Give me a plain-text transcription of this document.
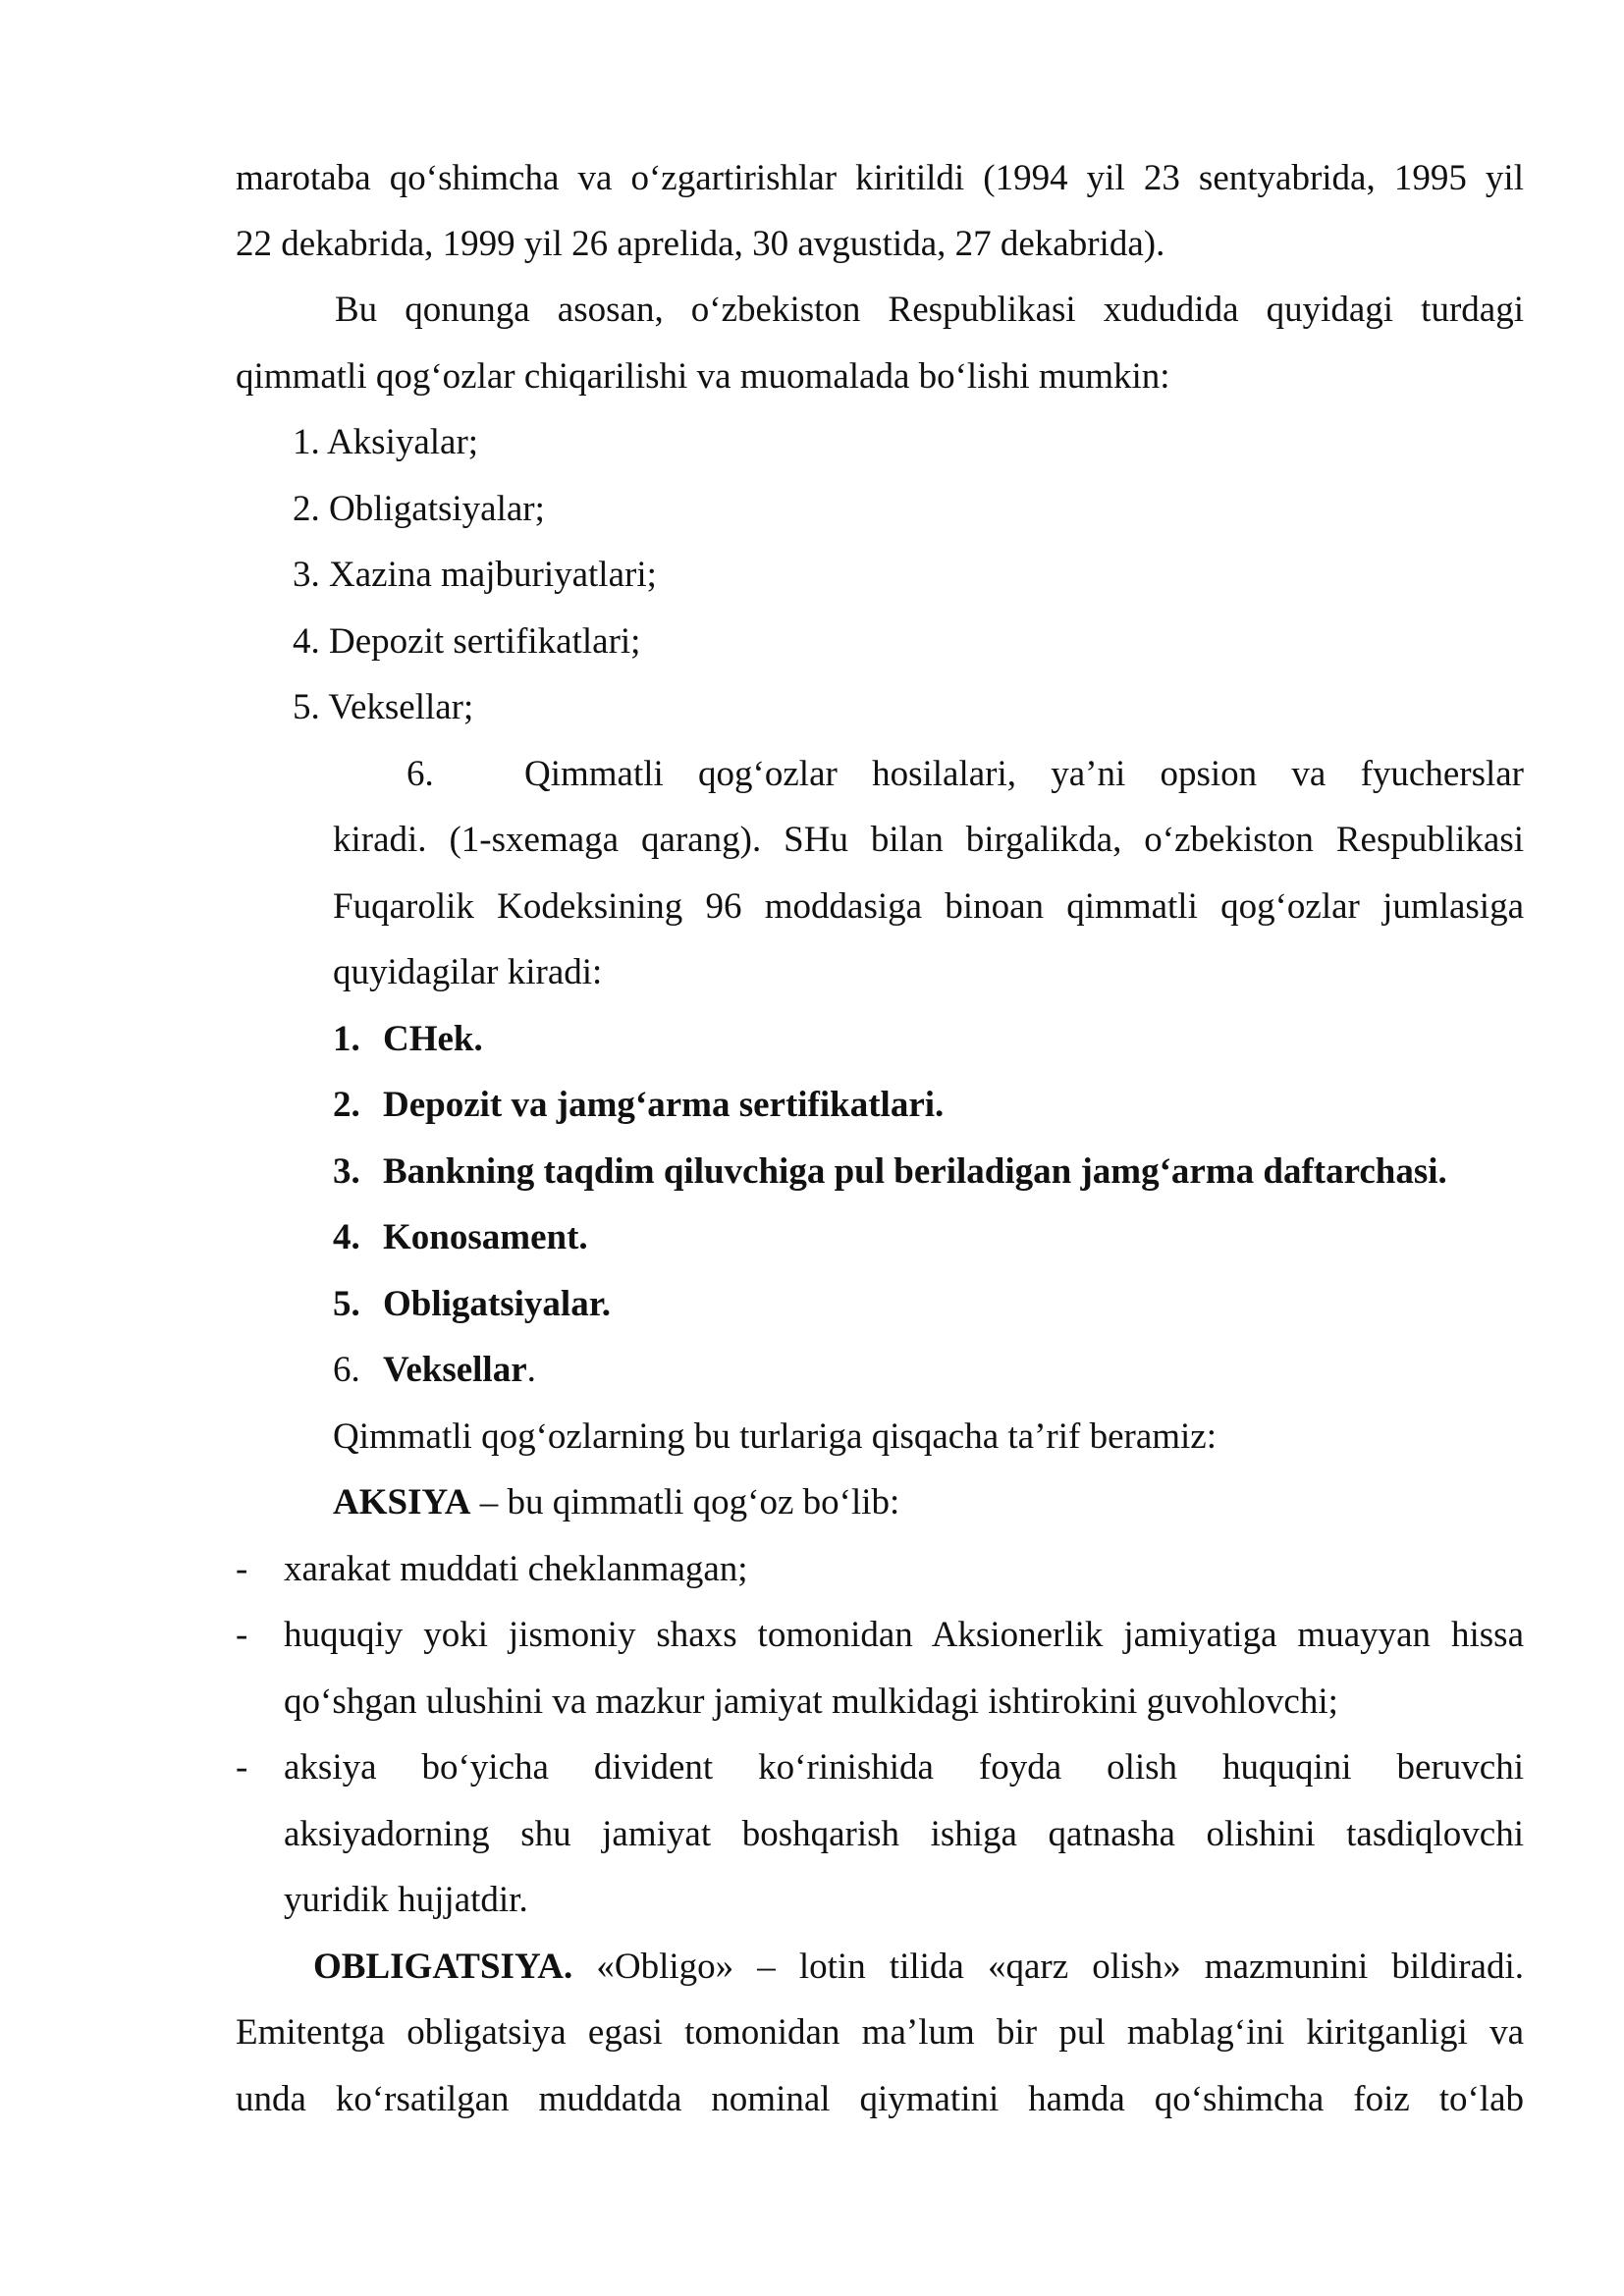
marotaba qo‘shimcha va o‘zgartirishlar kiritildi (1994 yil 23 sentyabrida, 1995 yil
22 dekabrida, 1999 yil 26 aprelida, 30 avgustida, 27 dekabrida).
Bu qonunga asosan, o‘zbekiston Respublikasi xududida quyidagi turdagi
qimmatli qog‘ozlar chiqarilishi va muomalada bo‘lishi mumkin:
1. Aksiyalar;
2. Obligatsiyalar;
3. Xazina majburiyatlari;
4. Depozit sertifikatlari;
5. Veksellar;
6.	Qimmatli qog‘ozlar hosilalari, ya’ni opsion va fyucherslar
kiradi. (1-sxemaga qarang). SHu bilan birgalikda, o‘zbekiston Respublikasi
Fuqarolik Kodeksining 96 moddasiga binoan qimmatli qog‘ozlar jumlasiga
quyidagilar kiradi:
1. CHek.
2. Depozit va jamg‘arma sertifikatlari.
3. Bankning taqdim qiluvchiga pul beriladigan jamg‘arma daftarchasi.
4. Konosament.
5. Obligatsiyalar.
6. Veksellar.
Qimmatli qog‘ozlarning bu turlariga qisqacha ta’rif beramiz:
AKSIYA – bu qimmatli qog‘oz bo‘lib:
- xarakat muddati cheklanmagan;
- huquqiy yoki jismoniy shaxs tomonidan Aksionerlik jamiyatiga muayyan hissa
qo‘shgan ulushini va mazkur jamiyat mulkidagi ishtirokini guvohlovchi;
- aksiya bo‘yicha divident ko‘rinishida foyda olish huquqini beruvchi
aksiyadorning shu jamiyat boshqarish ishiga qatnasha olishini tasdiqlovchi
yuridik hujjatdir.
OBLIGATSIYA. «Obligo» – lotin tilida «qarz olish» mazmunini bildiradi.
Emitentga obligatsiya egasi tomonidan ma’lum bir pul mablag‘ini kiritganligi va
unda ko‘rsatilgan muddatda nominal qiymatini hamda qo‘shimcha foiz to‘lab
